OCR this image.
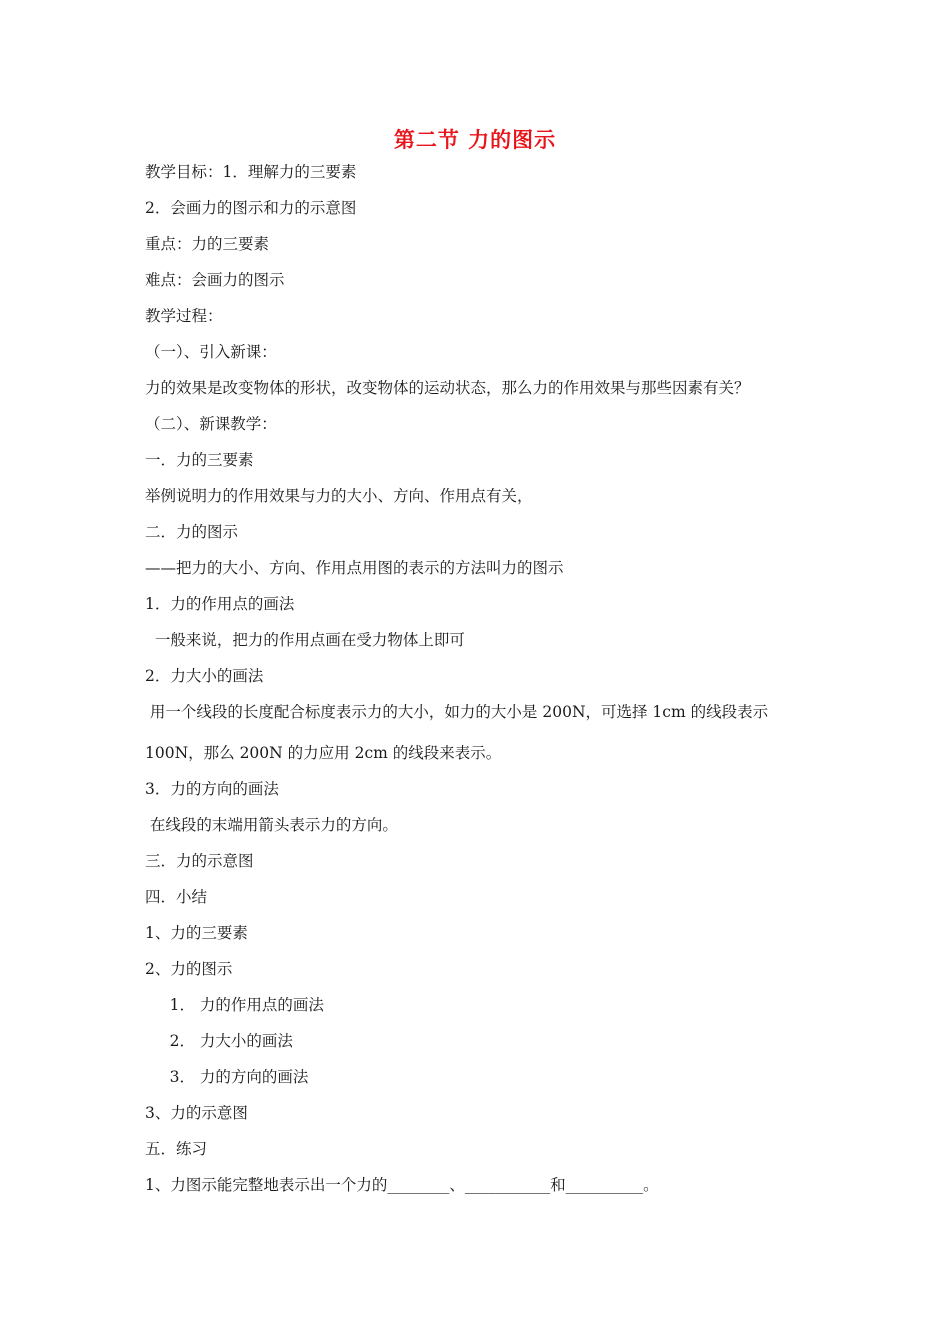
第二节 力的图示
教学目标：1．理解力的三要素
2．会画力的图示和力的示意图
重点：力的三要素
难点：会画力的图示
教学过程：
（一）、引入新课：
力的效果是改变物体的形状，改变物体的运动状态，那么力的作用效果与那些因素有关？
（二）、新课教学：
一．力的三要素
举例说明力的作用效果与力的大小、方向、作用点有关，
二．力的图示
——把力的大小、方向、作用点用图的表示的方法叫力的图示
1．力的作用点的画法
一般来说，把力的作用点画在受力物体上即可
2．力大小的画法
用一个线段的长度配合标度表示力的大小，如力的大小是 200N，可选择 1cm 的线段表示
100N，那么 200N 的力应用 2cm 的线段来表示。
3．力的方向的画法
在线段的末端用箭头表示力的方向。
三．力的示意图
四．小结
1、力的三要素
2、力的图示
1． 力的作用点的画法
2． 力大小的画法
3． 力的方向的画法
3、力的示意图
五．练习
1、力图示能完整地表示出一个力的________、___________和__________。
